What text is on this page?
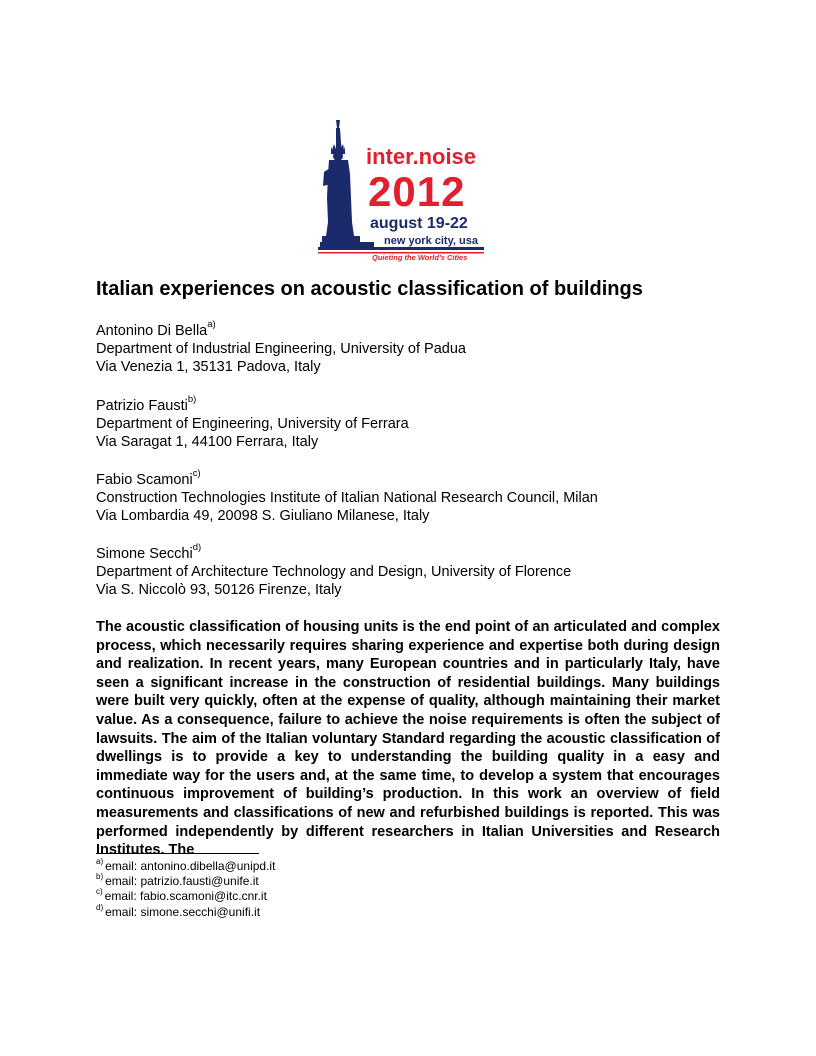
inter.noise
2012
august 19-22
new york city, usa
Quieting the World's Cities
Italian experiences on acoustic classification of buildings
Antonino Di Bella$^{a)}$
Department of Industrial Engineering, University of Padua
Via Venezia 1, 35131 Padova, Italy
Patrizio Fausti$^{b)}$
Department of Engineering, University of Ferrara
Via Saragat 1, 44100 Ferrara, Italy
Fabio Scamoni$^{c)}$
Construction Technologies Institute of Italian National Research Council, Milan
Via Lombardia 49, 20098 S. Giuliano Milanese, Italy
Simone Secchi$^{d)}$
Department of Architecture Technology and Design, University of Florence
Via S. Niccolò 93, 50126 Firenze, Italy

The acoustic classification of housing units is the end point of an articulated and complex process, which necessarily requires sharing experience and expertise both during design and realization. In recent years, many European countries and in particularly Italy, have seen a significant increase in the construction of residential buildings. Many buildings were built very quickly, often at the expense of quality, although maintaining their market value. As a consequence, failure to achieve the noise requirements is often the subject of lawsuits. The aim of the Italian voluntary Standard regarding the acoustic classification of dwellings is to provide a key to understanding the building quality in a easy and immediate way for the users and, at the same time, to develop a system that encourages continuous improvement of building’s production. In this work an overview of field measurements and classifications of new and refurbished buildings is reported. This was performed independently by different researchers in Italian Universities and Research Institutes. The

$^{a)}$ email: antonino.dibella@unipd.it
$^{b)}$ email: patrizio.fausti@unife.it
$^{c)}$ email: fabio.scamoni@itc.cnr.it
$^{d)}$ email: simone.secchi@unifi.it
